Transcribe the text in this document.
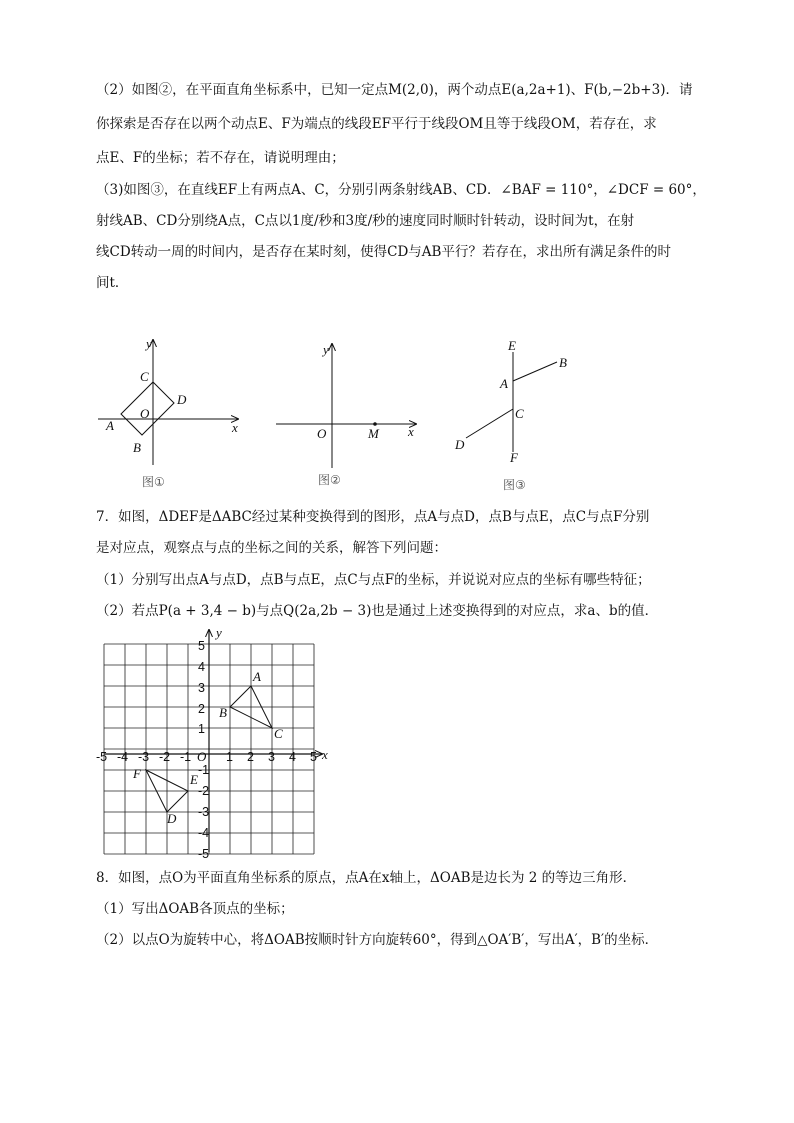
（2）如图②，在平面直角坐标系中，已知一定点M(2,0)，两个动点E(a,2a+1)、F(b,−2b+3)．请
你探索是否存在以两个动点E、F为端点的线段EF平行于线段OM且等于线段OM，若存在，求
点E、F的坐标；若不存在，请说明理由；
（3)如图③，在直线EF上有两点A、C，分别引两条射线AB、CD．∠BAF = 110°，∠DCF = 60°，
射线AB、CD分别绕A点，C点以1度/秒和3度/秒的速度同时顺时针转动，设时间为t，在射
线CD转动一周的时间内，是否存在某时刻，使得CD与AB平行？若存在，求出所有满足条件的时
间t．
7．如图，ΔDEF是ΔABC经过某种变换得到的图形，点A与点D，点B与点E，点C与点F分别
是对应点，观察点与点的坐标之间的关系，解答下列问题：
（1）分别写出点A与点D，点B与点E，点C与点F的坐标，并说说对应点的坐标有哪些特征；
（2）若点P(a + 3,4 − b)与点Q(2a,2b − 3)也是通过上述变换得到的对应点，求a、b的值．
8．如图，点O为平面直角坐标系的原点，点A在x轴上，ΔOAB是边长为 2 的等边三角形．
（1）写出ΔOAB各顶点的坐标；
（2）以点O为旋转中心，将ΔOAB按顺时针方向旋转60°，得到△OA′B′，写出A′，B′的坐标．
y
x
C
D
O
A
B
图①
y
x
O	M
图②
E
B
A
C
D
F
图③
y
x
O
-5 -4 -3 -2 -1	1 2 3 4 5
5
4
3
2
1
-1
-2
-3
-4
-5
A
B
C
F	E
D
